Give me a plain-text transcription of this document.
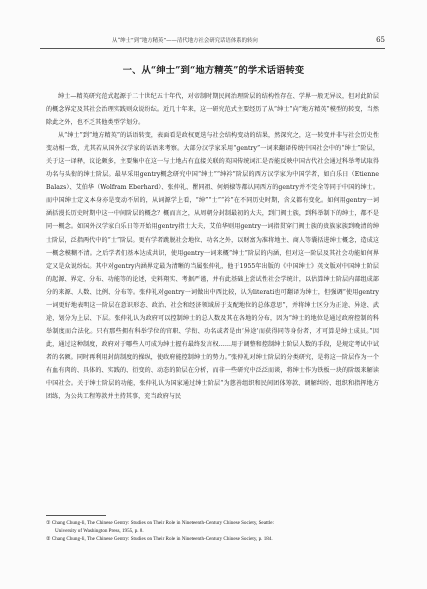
从“绅士”到“地方精英”——清代地方社会研究话语体系的转向	65
一、从“绅士”到“地方精英”的学术话语转变

绅士—精英研究范式起源于二十世纪五十年代，对帝制时期民间治理阶层的结构性存在、学界一般无异议，但对此阶层的概念界定及其社会治理实践则众说纷纭。近几十年来，这一研究范式主要经历了从“绅士”向“地方精英”模型的转变，当然除此之外，也不乏其他类型学划分。

从“绅士”到“地方精英”的话语转变，表面看是政权更迭与社会结构变动的结果，然深究之，这一转变并非与社会历史性变动相一致，尤其若从国外汉学家的话语来考察。大部分汉学家采用“gentry”一词来翻译传统中国社会中的“绅士”阶层，关于这一译释，议论颇多，主要集中在这一与土地占有直接关联的英国传统词汇是否能反映中国古代社会通过科举考试取得功名与头衔的绅士阶层。最早采用gentry概念研究中国“绅士”“绅衿”阶层的西方汉学家为中国学者，如白乐日（Etienne Balazs）、艾伯华（Wolfram Eberhard）、张仲礼、瞿同祖、何炳棣等都认同西方的gentry并不完全等同于中国的绅士。而中国绅士定义本身亦是变动不居的，从词源学上看，“绅”“士”“衿”在不同历史时期，含义都有变化。如何用gentry一词涵括漫长历史时期中这一中间阶层的概念？概而言之，从周朝分封制最初的大夫，到门阀士族，到科举制下的绅士，都不是同一概念。如国外汉学家白乐日等开始用gentry指士大夫，艾伯华则用gentry一词指贯穿门阀士族的贵族家族到晚清的绅士阶层，泛指两代中的“士”阶层。更有学者跳脱社会地位、功名之外，以财富为准将地主、商人等囊括进绅士概念，造成这一概念模糊不清。之后学者们基本达成共识，使用gentry一词来概“绅士”阶层的内涵，但对这一阶层及其社会功能如何界定又是众说纷纭。其中对gentry内涵界定最为清晰的当属张仲礼，他于1955年出版的《中国绅士》英文版对中国绅士阶层的起源、界定、分布、功能等的论述，史料翔实、考据严谨，并有此基础上尝试性社会学统计，以估算绅士阶层内部组成部分的来源、人数、比例、分布等。张仲礼对gentry一词做出中西比较，认为literati也可翻译为绅士，但强调“使用gentry一词更好地表明这一阶层在意识形态、政治、社会和经济领域居于支配地位的总体意思”，并将绅士区分为正途、异途、武途，划分为上层、下层。张仲礼认为政府可以控制绅士的总人数及其在各地的分布，因为“绅士的地位是通过政府控制的科举制度而合法化。只有那些拥有科举学位的官职、学衔、功名或者是由‘异途’而获得同等身份者，才可算是绅士成员。”因此，通过这种制度，政府对于哪些人可成为绅士握有最终发言权……用于调整和控制绅士阶层人数的手段，是规定考试中试者的名额。同时再利用封荫制度的操纵，使政府能控制绅士的势力。”张仲礼对绅士阶层的分类研究，是将这一阶层作为一个有血有肉的、具体的、实践的、衍变的、动态的阶层在分析，而非一些研究中泛泛而谈，将绅士作为铁板一块的阶级来解读中国社会。关于绅士阶层的功能，张仲礼认为国家通过绅士阶层“为慈善组织和民间团体筹款、调解纠纷、组织和指挥地方团练，为公共工程筹款并主持其事，充当政府与民

① Chang Chung-li, The Chinese Gentry: Studies on Their Role in Nineteenth-Century Chinese Society, Seattle:

University of Washington Press, 1955, p. 8.

② Chang Chung-li, The Chinese Gentry: Studies on Their Role in Nineteenth-Century Chinese Society, p. 184.
